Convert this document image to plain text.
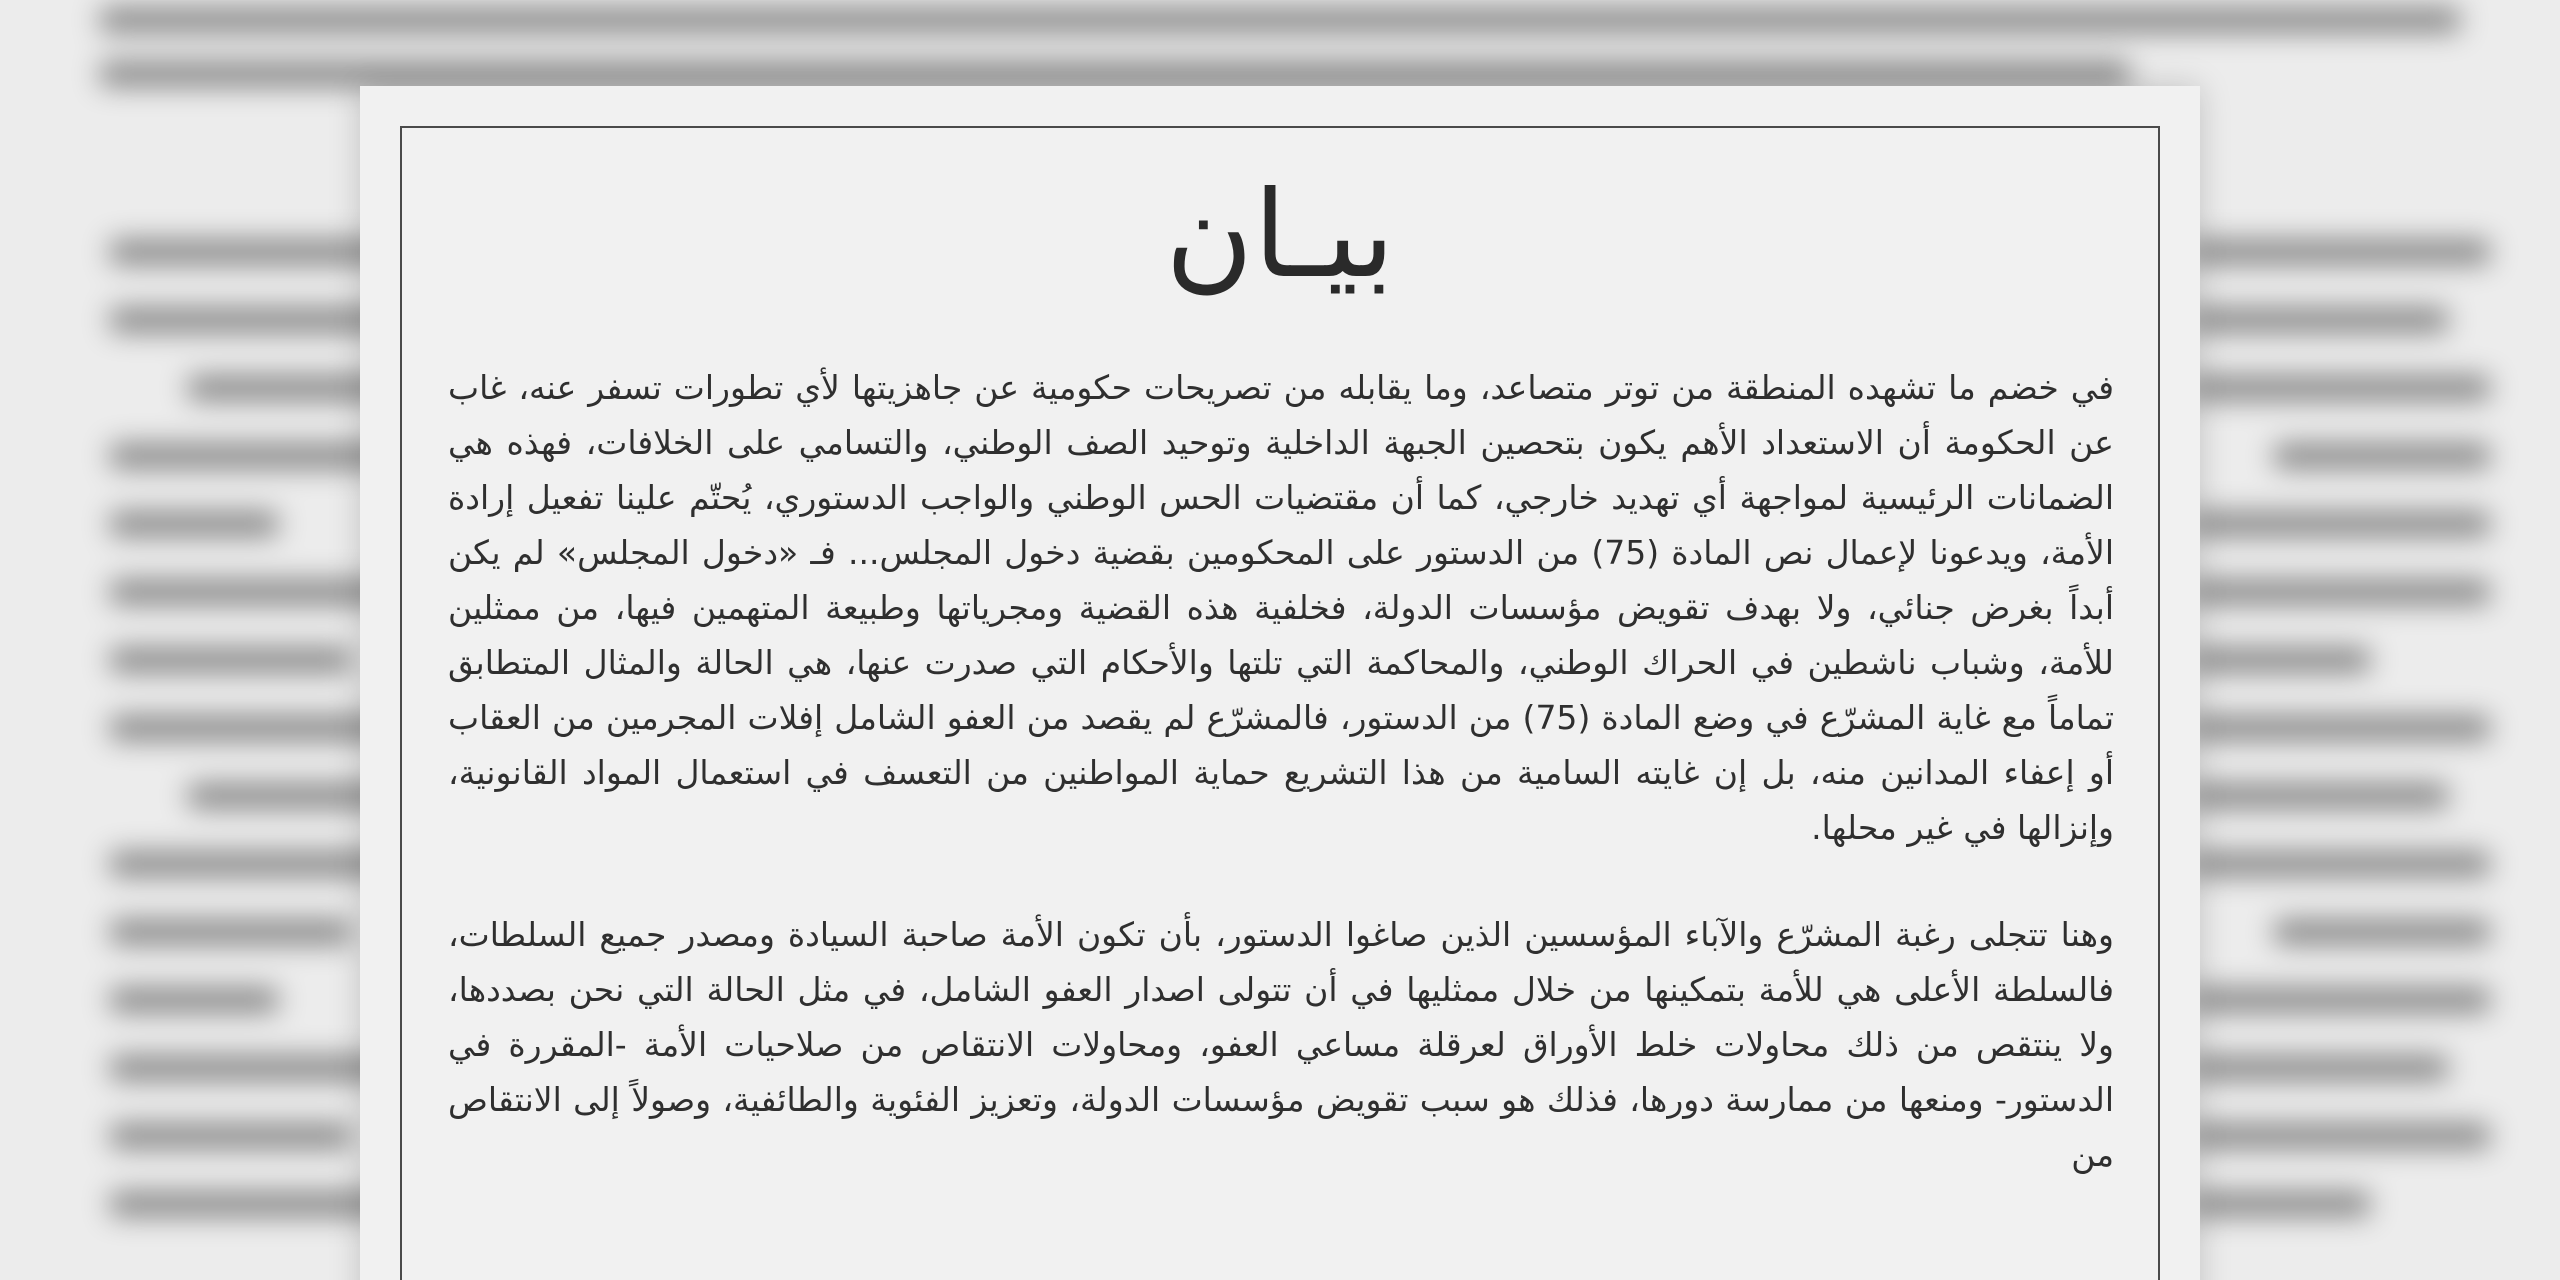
بيـان

في خضم ما تشهده المنطقة من توتر متصاعد، وما يقابله من تصريحات حكومية عن جاهزيتها لأي تطورات تسفر عنه، غاب عن الحكومة أن الاستعداد الأهم يكون بتحصين الجبهة الداخلية وتوحيد الصف الوطني، والتسامي على الخلافات، فهذه هي الضمانات الرئيسية لمواجهة أي تهديد خارجي، كما أن مقتضيات الحس الوطني والواجب الدستوري، يُحتّم علينا تفعيل إرادة الأمة، ويدعونا لإعمال نص المادة (75) من الدستور على المحكومين بقضية دخول المجلس... فـ «دخول المجلس» لم يكن أبداً بغرض جنائي، ولا بهدف تقويض مؤسسات الدولة، فخلفية هذه القضية ومجرياتها وطبيعة المتهمين فيها، من ممثلين للأمة، وشباب ناشطين في الحراك الوطني، والمحاكمة التي تلتها والأحكام التي صدرت عنها، هي الحالة والمثال المتطابق تماماً مع غاية المشرّع في وضع المادة (75) من الدستور، فالمشرّع لم يقصد من العفو الشامل إفلات المجرمين من العقاب أو إعفاء المدانين منه، بل إن غايته السامية من هذا التشريع حماية المواطنين من التعسف في استعمال المواد القانونية، وإنزالها في غير محلها.

وهنا تتجلى رغبة المشرّع والآباء المؤسسين الذين صاغوا الدستور، بأن تكون الأمة صاحبة السيادة ومصدر جميع السلطات، فالسلطة الأعلى هي للأمة بتمكينها من خلال ممثليها في أن تتولى اصدار العفو الشامل، في مثل الحالة التي نحن بصددها، ولا ينتقص من ذلك محاولات خلط الأوراق لعرقلة مساعي العفو، ومحاولات الانتقاص من صلاحيات الأمة -المقررة في الدستور- ومنعها من ممارسة دورها، فذلك هو سبب تقويض مؤسسات الدولة، وتعزيز الفئوية والطائفية، وصولاً إلى الانتقاص من
